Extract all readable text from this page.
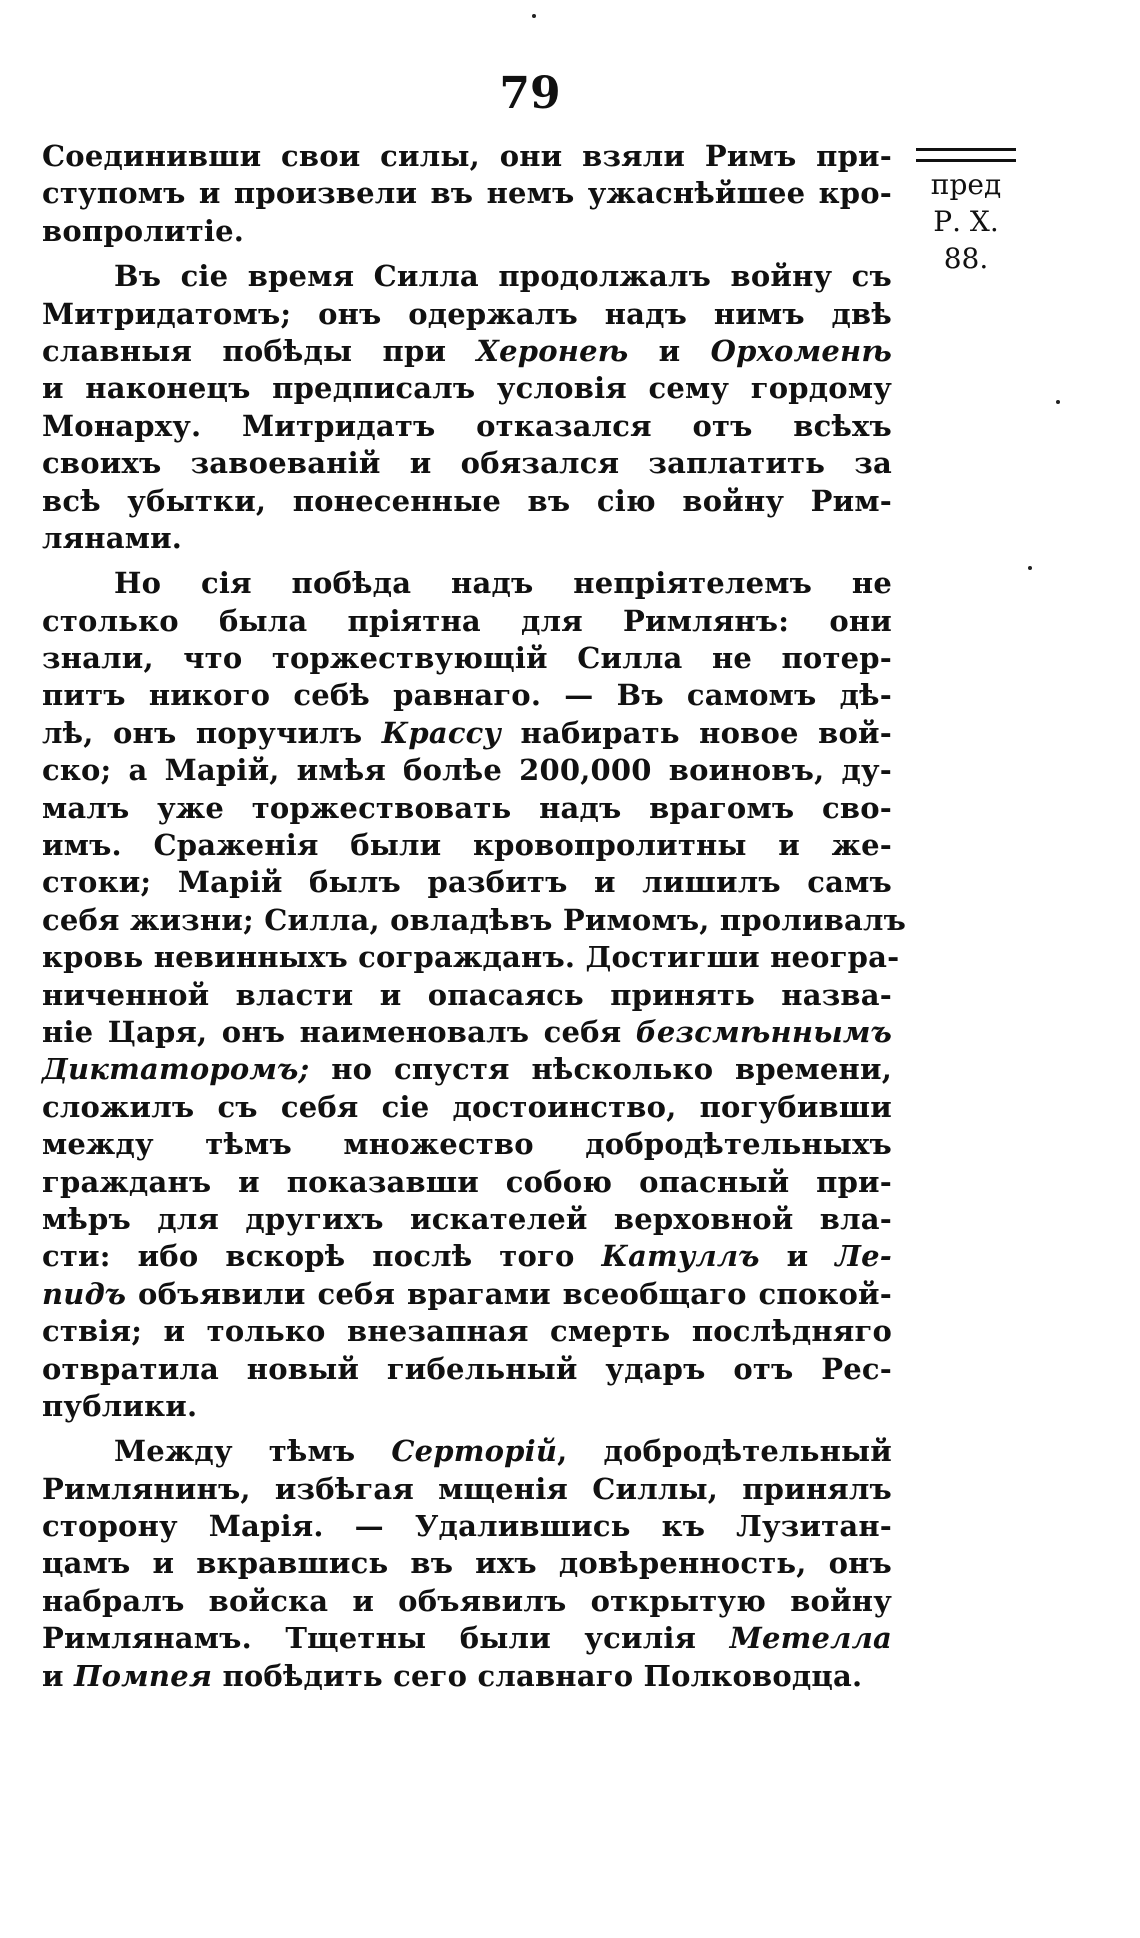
79
Соединивши свои силы, они взяли Римъ при-
ступомъ и произвели въ немъ ужаснѣйшее кро-
вопролитіе.
Въ сіе время Силла продолжалъ войну съ
Митридатомъ; онъ одержалъ надъ нимъ двѣ
славныя побѣды при Херонеѣ и Орхоменѣ
и наконецъ предписалъ условія сему гордому
Монарху. Митридатъ отказался отъ всѣхъ
своихъ завоеваній и обязался заплатить за
всѣ убытки, понесенные въ сію войну Рим-
лянами.
Но сія побѣда надъ непріятелемъ не
столько была пріятна для Римлянъ: они
знали, что торжествующій Силла не потер-
питъ никого себѣ равнаго. — Въ самомъ дѣ-
лѣ, онъ поручилъ Крассу набирать новое вой-
ско; а Марій, имѣя болѣе 200,000 воиновъ, ду-
малъ уже торжествовать надъ врагомъ сво-
имъ. Сраженія были кровопролитны и же-
стоки; Марій былъ разбитъ и лишилъ самъ
себя жизни; Силла, овладѣвъ Римомъ, проливалъ
кровь невинныхъ согражданъ. Достигши неогра-
ниченной власти и опасаясь принять назва-
ніе Царя, онъ наименовалъ себя безсмѣннымъ
Диктаторомъ; но спустя нѣсколько времени,
сложилъ съ себя сіе достоинство, погубивши
между тѣмъ множество добродѣтельныхъ
гражданъ и показавши собою опасный при-
мѣръ для другихъ искателей верховной вла-
сти: ибо вскорѣ послѣ того Катуллъ и Ле-
пидъ объявили себя врагами всеобщаго спокой-
ствія; и только внезапная смерть послѣдняго
отвратила новый гибельный ударъ отъ Рес-
публики.
Между тѣмъ Серторій, добродѣтельный
Римлянинъ, избѣгая мщенія Силлы, принялъ
сторону Марія. — Удалившись къ Лузитан-
цамъ и вкравшись въ ихъ довѣренность, онъ
набралъ войска и объявилъ открытую войну
Римлянамъ. Тщетны были усилія Метелла
и Помпея побѣдить сего славнаго Полководца.
пред
Р. Х.
88.
